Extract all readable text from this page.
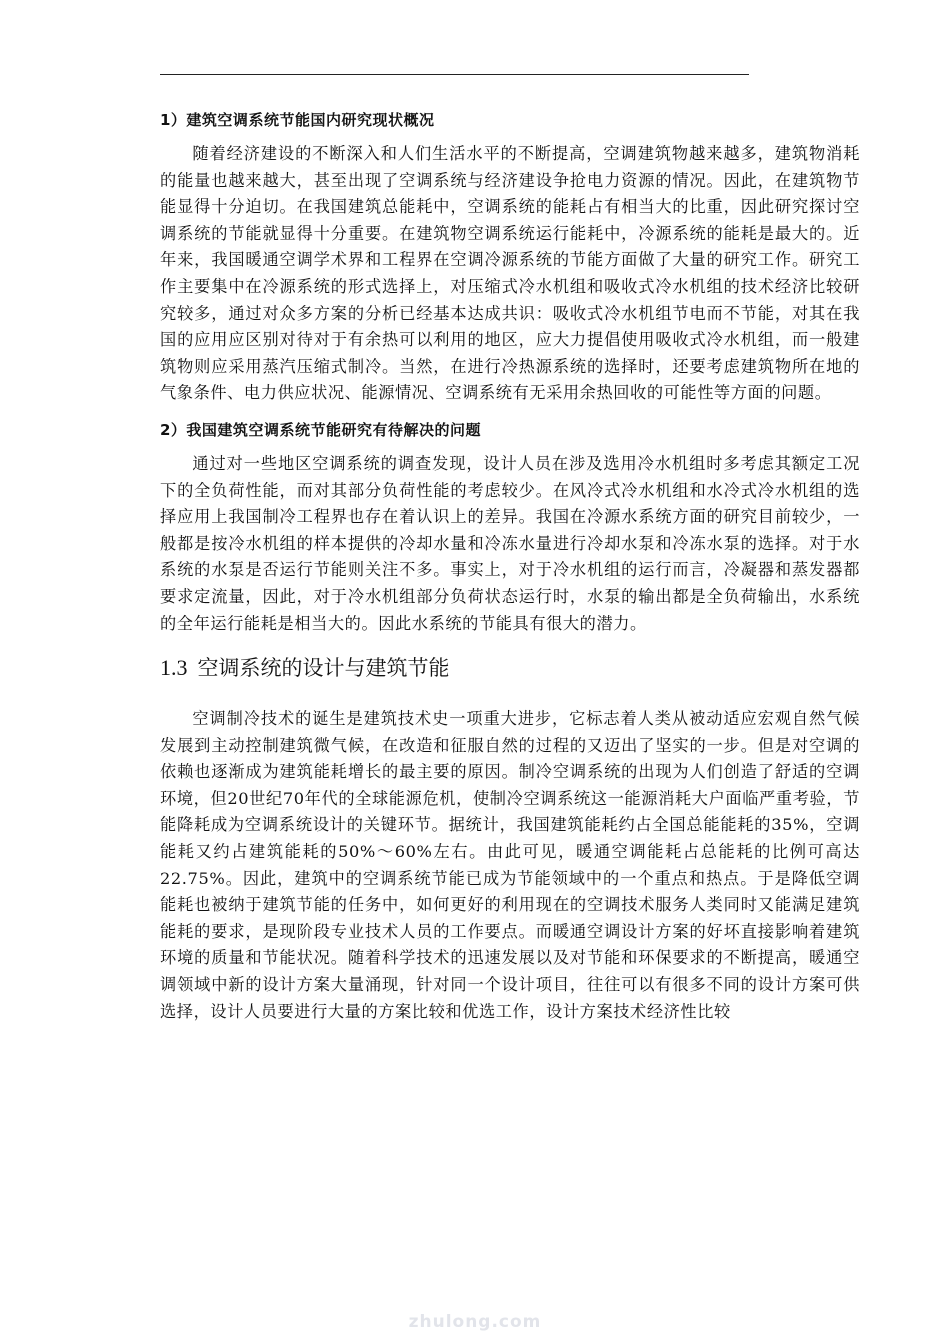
1）建筑空调系统节能国内研究现状概况

随着经济建设的不断深入和人们生活水平的不断提高，空调建筑物越来越多，建筑物消耗的能量也越来越大，甚至出现了空调系统与经济建设争抢电力资源的情况。因此，在建筑物节能显得十分迫切。在我国建筑总能耗中，空调系统的能耗占有相当大的比重，因此研究探讨空调系统的节能就显得十分重要。在建筑物空调系统运行能耗中，冷源系统的能耗是最大的。近年来，我国暖通空调学术界和工程界在空调冷源系统的节能方面做了大量的研究工作。研究工作主要集中在冷源系统的形式选择上，对压缩式冷水机组和吸收式冷水机组的技术经济比较研究较多，通过对众多方案的分析已经基本达成共识：吸收式冷水机组节电而不节能，对其在我国的应用应区别对待对于有余热可以利用的地区，应大力提倡使用吸收式冷水机组，而一般建筑物则应采用蒸汽压缩式制冷。当然，在进行冷热源系统的选择时，还要考虑建筑物所在地的气象条件、电力供应状况、能源情况、空调系统有无采用余热回收的可能性等方面的问题。

2）我国建筑空调系统节能研究有待解决的问题

通过对一些地区空调系统的调查发现，设计人员在涉及选用冷水机组时多考虑其额定工况下的全负荷性能，而对其部分负荷性能的考虑较少。在风冷式冷水机组和水冷式冷水机组的选择应用上我国制冷工程界也存在着认识上的差异。我国在冷源水系统方面的研究目前较少，一般都是按冷水机组的样本提供的冷却水量和冷冻水量进行冷却水泵和冷冻水泵的选择。对于水系统的水泵是否运行节能则关注不多。事实上，对于冷水机组的运行而言，冷凝器和蒸发器都要求定流量，因此，对于冷水机组部分负荷状态运行时，水泵的输出都是全负荷输出，水系统的全年运行能耗是相当大的。因此水系统的节能具有很大的潜力。

1.3 空调系统的设计与建筑节能

空调制冷技术的诞生是建筑技术史一项重大进步，它标志着人类从被动适应宏观自然气候发展到主动控制建筑微气候，在改造和征服自然的过程的又迈出了坚实的一步。但是对空调的依赖也逐渐成为建筑能耗增长的最主要的原因。制冷空调系统的出现为人们创造了舒适的空调环境，但20世纪70年代的全球能源危机，使制冷空调系统这一能源消耗大户面临严重考验，节能降耗成为空调系统设计的关键环节。据统计，我国建筑能耗约占全国总能能耗的35%，空调能耗又约占建筑能耗的50%～60%左右。由此可见，暖通空调能耗占总能耗的比例可高达22.75%。因此，建筑中的空调系统节能已成为节能领域中的一个重点和热点。于是降低空调能耗也被纳于建筑节能的任务中，如何更好的利用现在的空调技术服务人类同时又能满足建筑能耗的要求，是现阶段专业技术人员的工作要点。而暖通空调设计方案的好坏直接影响着建筑环境的质量和节能状况。随着科学技术的迅速发展以及对节能和环保要求的不断提高，暖通空调领域中新的设计方案大量涌现，针对同一个设计项目，往往可以有很多不同的设计方案可供选择，设计人员要进行大量的方案比较和优选工作，设计方案技术经济性比较

zhulong.com
